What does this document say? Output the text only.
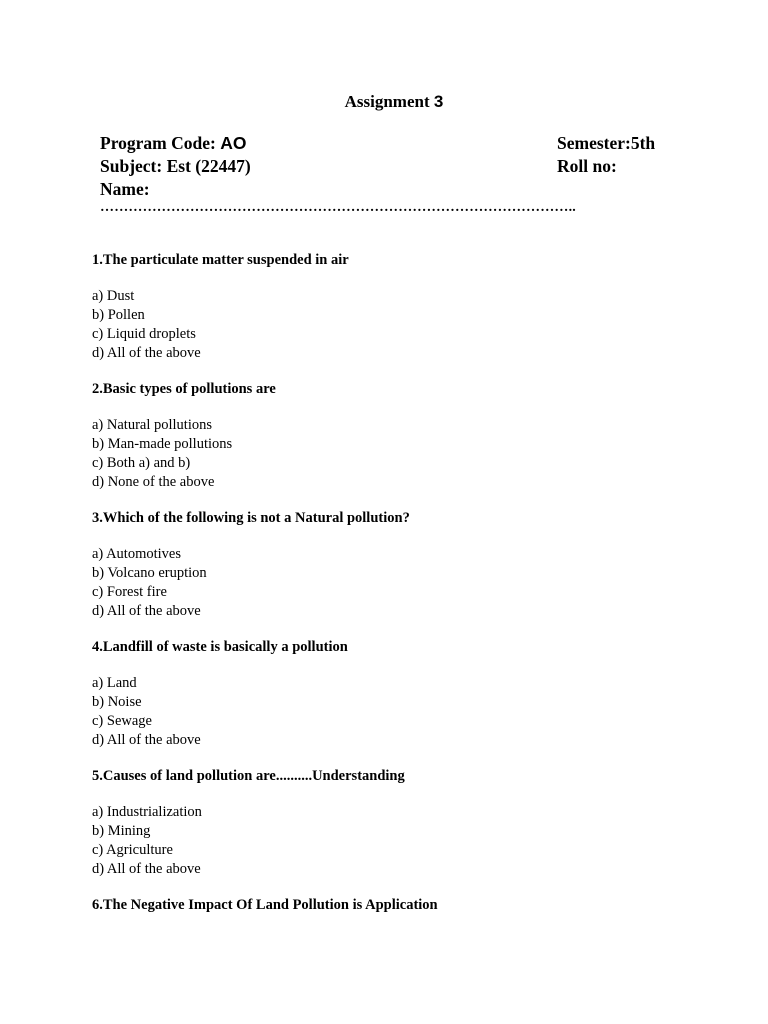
Assignment 3
Program Code: AO	Semester:5th
Subject: Est (22447)	Roll no:
Name:
………………………………………………………………………………………..
1.The particulate matter suspended in air
a) Dust
b) Pollen
c) Liquid droplets
d) All of the above
2.Basic types of pollutions are
a) Natural pollutions
b) Man-made pollutions
c) Both a) and b)
d) None of the above
3.Which of the following is not a Natural pollution?
a) Automotives
b) Volcano eruption
c) Forest fire
d) All of the above
4.Landfill of waste is basically a pollution
a) Land
b) Noise
c) Sewage
d) All of the above
5.Causes of land pollution are..........Understanding
a) Industrialization
b) Mining
c) Agriculture
d) All of the above
6.The Negative Impact Of Land Pollution is Application
